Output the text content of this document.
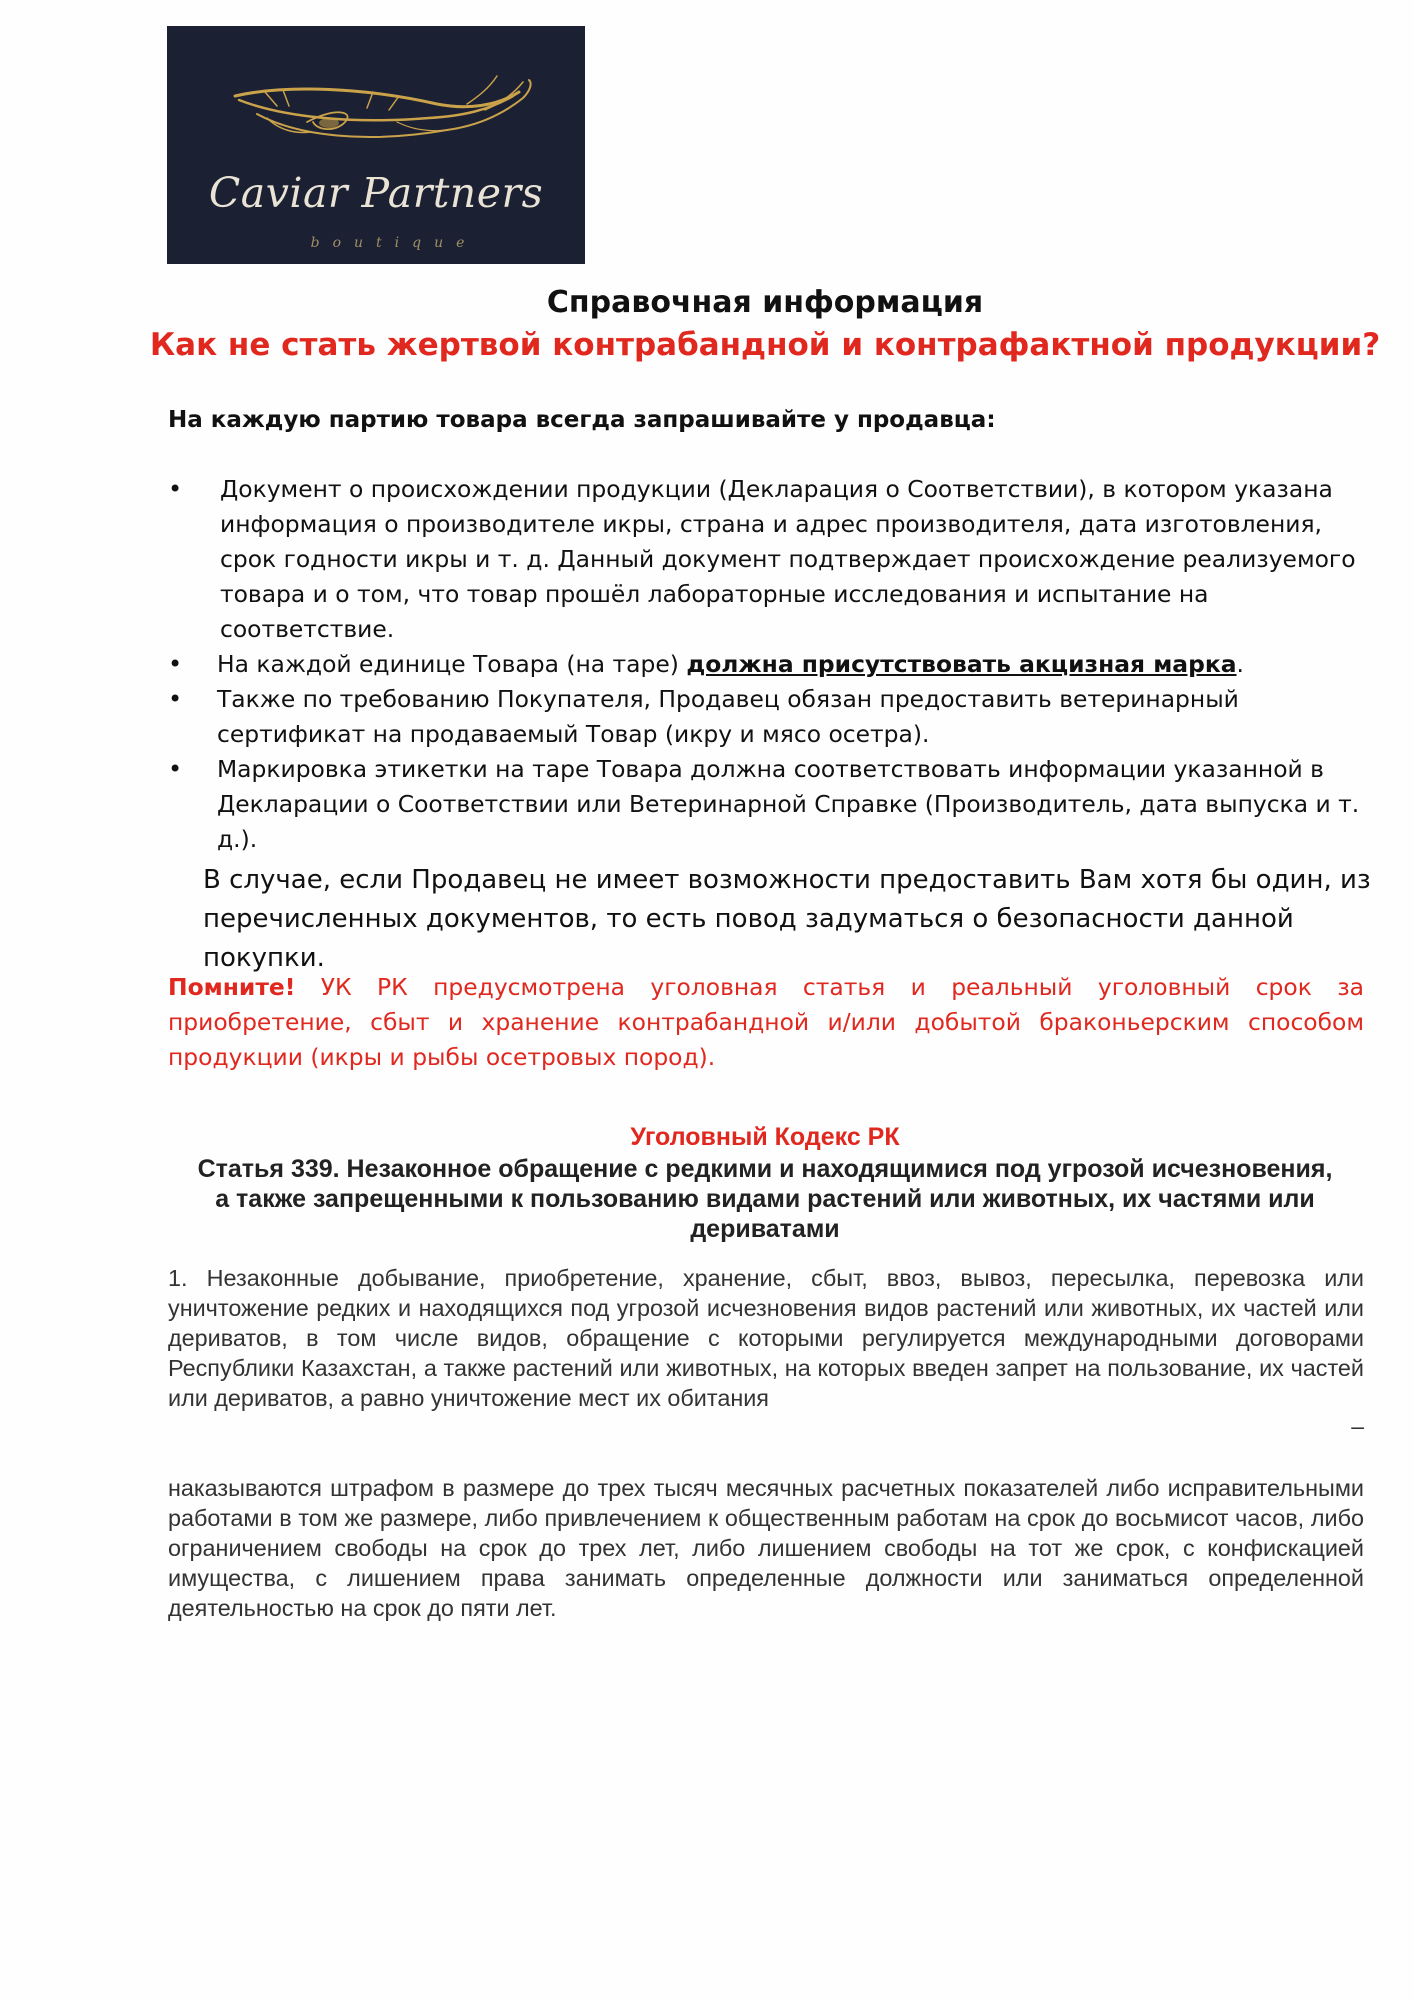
Caviar Partners
boutique
Справочная информация
Как не стать жертвой контрабандной и контрафактной продукции?
На каждую партию товара всегда запрашивайте у продавца:
• Документ о происхождении продукции (Декларация о Соответствии), в котором указана информация о производителе икры, страна и адрес производителя, дата изготовления, срок годности икры и т. д. Данный документ подтверждает происхождение реализуемого товара и о том, что товар прошёл лабораторные исследования и испытание на соответствие.
• На каждой единице Товара (на таре) должна присутствовать акцизная марка.
• Также по требованию Покупателя, Продавец обязан предоставить ветеринарный сертификат на продаваемый Товар (икру и мясо осетра).
• Маркировка этикетки на таре Товара должна соответствовать информации указанной в Декларации о Соответствии или Ветеринарной Справке (Производитель, дата выпуска и т. д.).
В случае, если Продавец не имеет возможности предоставить Вам хотя бы один, из перечисленных документов, то есть повод задуматься о безопасности данной покупки.
Помните! УК РК предусмотрена уголовная статья и реальный уголовный срок за приобретение, сбыт и хранение контрабандной и/или добытой браконьерским способом продукции (икры и рыбы осетровых пород).
Уголовный Кодекс РК
Статья 339. Незаконное обращение с редкими и находящимися под угрозой исчезновения, а также запрещенными к пользованию видами растений или животных, их частями или дериватами
1. Незаконные добывание, приобретение, хранение, сбыт, ввоз, вывоз, пересылка, перевозка или уничтожение редких и находящихся под угрозой исчезновения видов растений или животных, их частей или дериватов, в том числе видов, обращение с которыми регулируется международными договорами Республики Казахстан, а также растений или животных, на которых введен запрет на пользование, их частей или дериватов, а равно уничтожение мест их обитания
–
наказываются штрафом в размере до трех тысяч месячных расчетных показателей либо исправительными работами в том же размере, либо привлечением к общественным работам на срок до восьмисот часов, либо ограничением свободы на срок до трех лет, либо лишением свободы на тот же срок, с конфискацией имущества, с лишением права занимать определенные должности или заниматься определенной деятельностью на срок до пяти лет.
